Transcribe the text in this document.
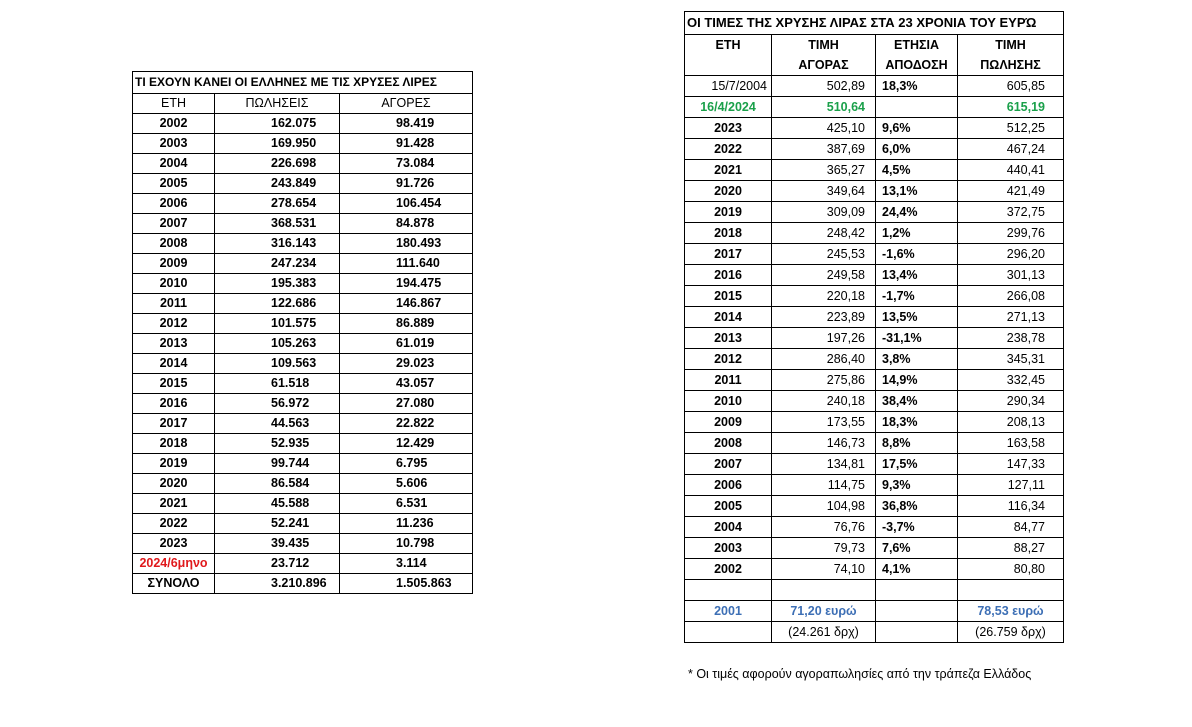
ΤΙ ΕΧΟΥΝ ΚΑΝΕΙ ΟΙ ΕΛΛΗΝΕΣ ΜΕ ΤΙΣ ΧΡΥΣΕΣ ΛΙΡΕΣ		
ΕΤΗ	ΠΩΛΗΣΕΙΣ	ΑΓΟΡΕΣ
2002	162.075	98.419
2003	169.950	91.428
2004	226.698	73.084
2005	243.849	91.726
2006	278.654	106.454
2007	368.531	84.878
2008	316.143	180.493
2009	247.234	111.640
2010	195.383	194.475
2011	122.686	146.867
2012	101.575	86.889
2013	105.263	61.019
2014	109.563	29.023
2015	61.518	43.057
2016	56.972	27.080
2017	44.563	22.822
2018	52.935	12.429
2019	99.744	6.795
2020	86.584	5.606
2021	45.588	6.531
2022	52.241	11.236
2023	39.435	10.798
2024/6μηνο	23.712	3.114
ΣΥΝΟΛΟ	3.210.896	1.505.863
ΟΙ ΤΙΜΕΣ ΤΗΣ ΧΡΥΣΗΣ ΛΙΡΑΣ ΣΤΑ 23 ΧΡΟΝΙΑ ΤΟΥ ΕΥΡΏ			
ΕΤΗ	ΤΙΜΗ	ΕΤΗΣΙΑ	ΤΙΜΗ
	ΑΓΟΡΑΣ	ΑΠΟΔΟΣΗ	ΠΩΛΗΣΗΣ
15/7/2004	502,89	18,3%	605,85
16/4/2024	510,64		615,19
2023	425,10	9,6%	512,25
2022	387,69	6,0%	467,24
2021	365,27	4,5%	440,41
2020	349,64	13,1%	421,49
2019	309,09	24,4%	372,75
2018	248,42	1,2%	299,76
2017	245,53	-1,6%	296,20
2016	249,58	13,4%	301,13
2015	220,18	-1,7%	266,08
2014	223,89	13,5%	271,13
2013	197,26	-31,1%	238,78
2012	286,40	3,8%	345,31
2011	275,86	14,9%	332,45
2010	240,18	38,4%	290,34
2009	173,55	18,3%	208,13
2008	146,73	8,8%	163,58
2007	134,81	17,5%	147,33
2006	114,75	9,3%	127,11
2005	104,98	36,8%	116,34
2004	76,76	-3,7%	84,77
2003	79,73	7,6%	88,27
2002	74,10	4,1%	80,80

2001	71,20 ευρώ		78,53 ευρώ
	(24.261 δρχ)		(26.759 δρχ)
* Οι τιμές αφορούν αγοραπωλησίες από την τράπεζα Ελλάδος
